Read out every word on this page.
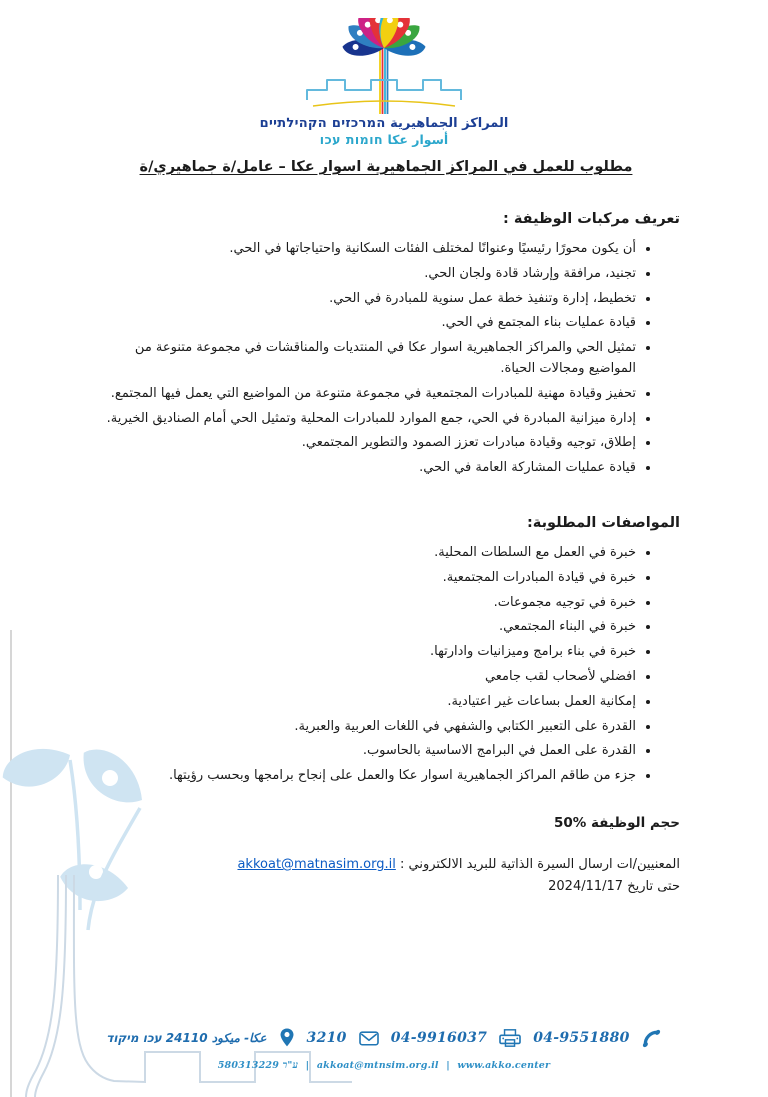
المراكز الجماهيرية המרכזים הקהילתיים
أسوار عكا חומות עכו
مطلوب للعمل في المراكز الجماهيرية اسوار عكا – عامل/ة جماهيري/ة
تعريف مركبات الوظيفة :
• أن يكون محورًا رئيسيًا وعنوانًا لمختلف الفئات السكانية واحتياجاتها في الحي.
• تجنيد، مرافقة وإرشاد قادة ولجان الحي.
• تخطيط، إدارة وتنفيذ خطة عمل سنوية للمبادرة في الحي.
• قيادة عمليات بناء المجتمع في الحي.
• تمثيل الحي والمراكز الجماهيرية اسوار عكا في المنتديات والمناقشات في مجموعة متنوعة من المواضيع ومجالات الحياة.
• تحفيز وقيادة مهنية للمبادرات المجتمعية في مجموعة متنوعة من المواضيع التي يعمل فيها المجتمع.
• إدارة ميزانية المبادرة في الحي، جمع الموارد للمبادرات المحلية وتمثيل الحي أمام الصناديق الخيرية.
• إطلاق، توجيه وقيادة مبادرات تعزز الصمود والتطوير المجتمعي.
• قيادة عمليات المشاركة العامة في الحي.
المواصفات المطلوبة:
• خبرة في العمل مع السلطات المحلية.
• خبرة في قيادة المبادرات المجتمعية.
• خبرة في توجيه مجموعات.
• خبرة في البناء المجتمعي.
• خبرة في بناء برامج وميزانيات وادارتها.
• افضلي لأصحاب لقب جامعي
• إمكانية العمل بساعات غير اعتيادية.
• القدرة على التعبير الكتابي والشفهي في اللغات العربية والعبرية.
• القدرة على العمل في البرامج الاساسية بالحاسوب.
• جزء من طاقم المراكز الجماهيرية اسوار عكا والعمل على إنجاح برامجها وبحسب رؤيتها.

حجم الوظيفة %50

المعنيين/ات ارسال السيرة الذاتية للبريد الالكتروني : akkoat@matnasim.org.il

حتى تاريخ 2024/11/17

عكا- ميكود 24110 עכו מיקוד	3210	04-9916037	04-9551880
580313229 ע"ר | akkoat@mtnsim.org.il | www.akko.center
